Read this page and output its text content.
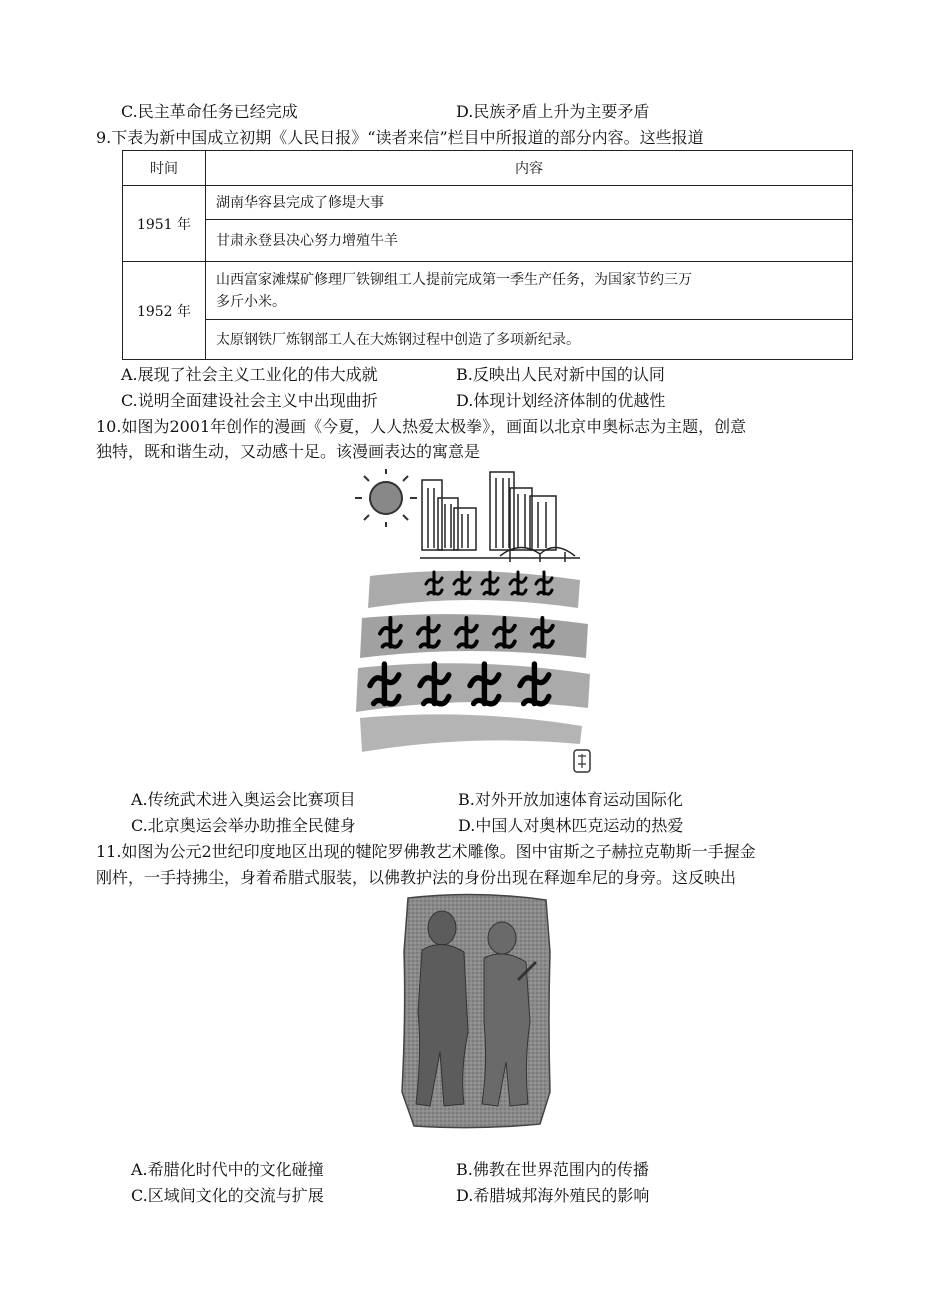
C.民主革命任务已经完成	D.民族矛盾上升为主要矛盾
9.下表为新中国成立初期《人民日报》“读者来信”栏目中所报道的部分内容。这些报道
时间	内容
1951 年	湖南华容县完成了修堤大事
	甘肃永登县决心努力增殖牛羊
1952 年	山西富家滩煤矿修理厂铁铆组工人提前完成第一季生产任务，为国家节约三万
多斤小米。

	太原钢铁厂炼钢部工人在大炼钢过程中创造了多项新纪录。
A.展现了社会主义工业化的伟大成就	B.反映出人民对新中国的认同
C.说明全面建设社会主义中出现曲折	D.体现计划经济体制的优越性
10.如图为2001年创作的漫画《今夏，人人热爱太极拳》，画面以北京申奥标志为主题，创意
独特，既和谐生动，又动感十足。该漫画表达的寓意是
A.传统武术进入奥运会比赛项目	B.对外开放加速体育运动国际化
C.北京奥运会举办助推全民健身	D.中国人对奥林匹克运动的热爱
11.如图为公元2世纪印度地区出现的犍陀罗佛教艺术雕像。图中宙斯之子赫拉克勒斯一手握金
刚杵，一手持拂尘，身着希腊式服装，以佛教护法的身份出现在释迦牟尼的身旁。这反映出
A.希腊化时代中的文化碰撞	B.佛教在世界范围内的传播
C.区域间文化的交流与扩展	D.希腊城邦海外殖民的影响
